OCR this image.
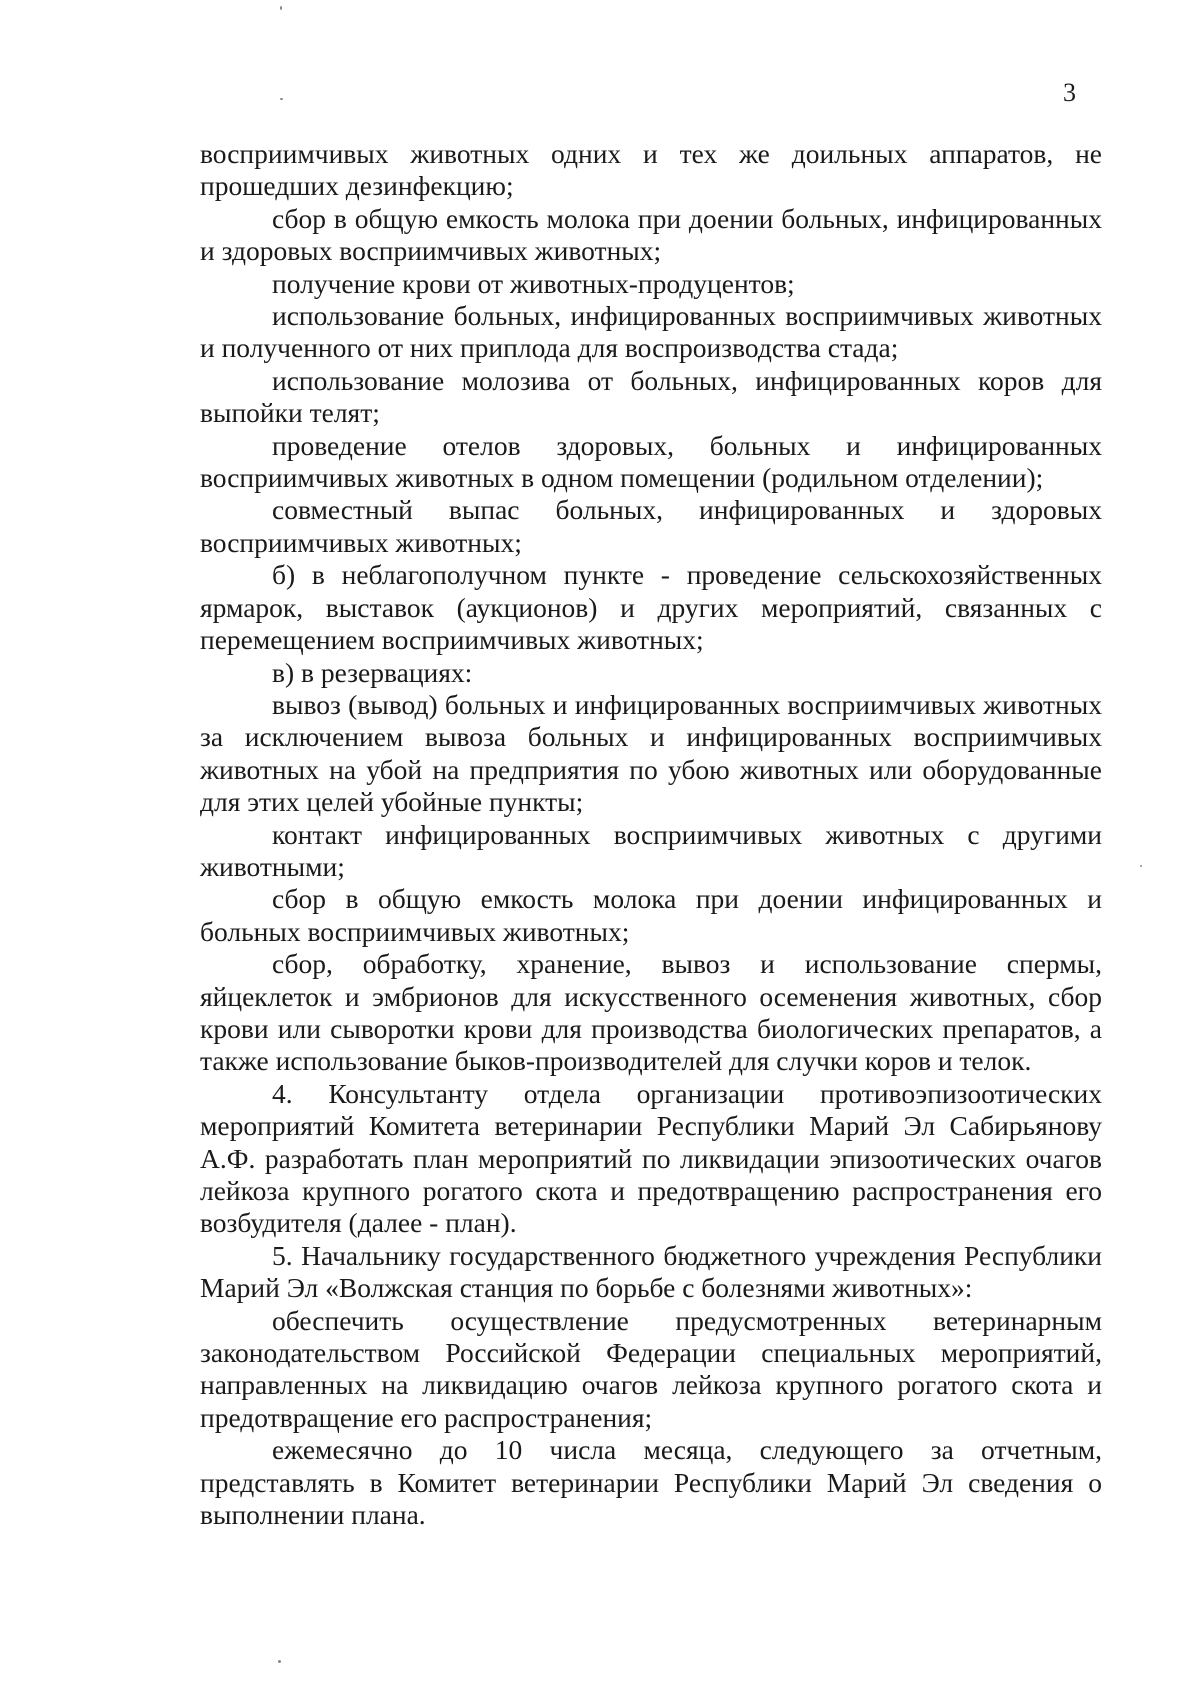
3

восприимчивых животных одних и тех же доильных аппаратов, не прошедших дезинфекцию;

сбор в общую емкость молока при доении больных, инфицированных и здоровых восприимчивых животных;

получение крови от животных-продуцентов;

использование больных, инфицированных восприимчивых животных и полученного от них приплода для воспроизводства стада;

использование молозива от больных, инфицированных коров для выпойки телят;

проведение отелов здоровых, больных и инфицированных восприимчивых животных в одном помещении (родильном отделении);

совместный выпас больных, инфицированных и здоровых восприимчивых животных;

б) в неблагополучном пункте - проведение сельскохозяйственных ярмарок, выставок (аукционов) и других мероприятий, связанных с перемещением восприимчивых животных;

в) в резервациях:

вывоз (вывод) больных и инфицированных восприимчивых животных за исключением вывоза больных и инфицированных восприимчивых животных на убой на предприятия по убою животных или оборудованные для этих целей убойные пункты;

контакт инфицированных восприимчивых животных с другими животными;

сбор в общую емкость молока при доении инфицированных и больных восприимчивых животных;

сбор, обработку, хранение, вывоз и использование спермы, яйцеклеток и эмбрионов для искусственного осеменения животных, сбор крови или сыворотки крови для производства биологических препаратов, а также использование быков-производителей для случки коров и телок.

4. Консультанту отдела организации противоэпизоотических мероприятий Комитета ветеринарии Республики Марий Эл Сабирьянову А.Ф. разработать план мероприятий по ликвидации эпизоотических очагов лейкоза крупного рогатого скота и предотвращению распространения его возбудителя (далее - план).

5. Начальнику государственного бюджетного учреждения Республики Марий Эл «Волжская станция по борьбе с болезнями животных»:

обеспечить осуществление предусмотренных ветеринарным законодательством Российской Федерации специальных мероприятий, направленных на ликвидацию очагов лейкоза крупного рогатого скота и предотвращение его распространения;

ежемесячно до 10 числа месяца, следующего за отчетным, представлять в Комитет ветеринарии Республики Марий Эл сведения о выполнении плана.
